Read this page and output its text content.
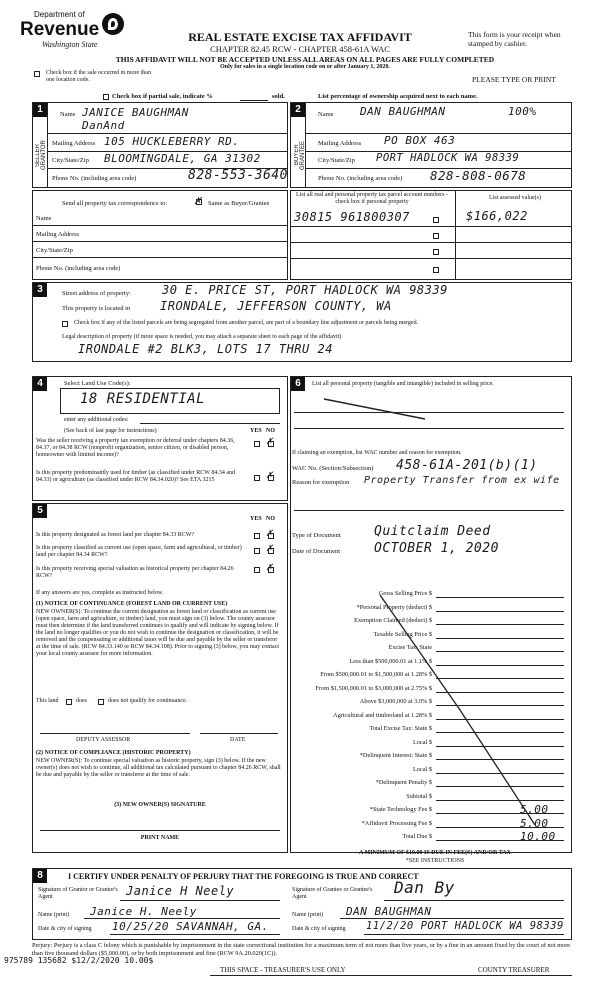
Department of
Revenue
Washington State
REAL ESTATE EXCISE TAX AFFIDAVIT
CHAPTER 82.45 RCW - CHAPTER 458-61A WAC
THIS AFFIDAVIT WILL NOT BE ACCEPTED UNLESS ALL AREAS ON ALL PAGES ARE FULLY COMPLETED
Only for sales in a single location code on or after January 1, 2020.
This form is your receipt when stamped by cashier.
PLEASE TYPE OR PRINT
Check box if the sale occurred in more than one location code.
Check box if partial sale, indicate %	sold.	List percentage of ownership acquired next to each name.
1	2
SELLER GRANTOR	BUYER GRANTEE
Name JANICE BAUGHMAN
DanAnd
Mailing Address 105 HUCKLEBERRY RD.
City/State/Zip BLOOMINGDALE, GA 31302
Phone No. (including area code)	828-553-3640
Name DAN BAUGHMAN	100%
Mailing Address PO BOX 463
City/State/Zip PORT HADLOCK WA 98339
Phone No. (including area code) 828-808-0678
Send all property tax correspondence to: ✗ Same as Buyer/Grantee
Name
Mailing Address
City/State/Zip
Phone No. (including area code)
List all real and personal property tax parcel account numbers - check box if personal property
List assessed value(s)
30815 961800307	$166,022
3	Street address of property:	30 E. PRICE ST, PORT HADLOCK WA 98339
This property is located in IRONDALE, JEFFERSON COUNTY, WA
Check box if any of the listed parcels are being segregated from another parcel, are part of a boundary line adjustment or parcels being merged.
Legal description of property (if more space is needed, you may attach a separate sheet to each page of the affidavit)
IRONDALE #2 BLK3, LOTS 17 THRU 24
4	Select Land Use Code(s):
18 RESIDENTIAL
enter any additional codes:
(See back of last page for instructions)	YES NO
Was the seller receiving a property tax exemption or deferral under chapters 84.36, 84.37, or 84.38 RCW (nonprofit organization, senior citizen, or disabled person, homeowner with limited income)?
✗
Is this property predominantly used for timber (as classified under RCW 84.34 and 84.33) or agriculture (as classified under RCW 84.34.020)? See ETA 3215	✗
5
YES NO
Is this property designated as forest land per chapter 84.33 RCW?	✗
Is this property classified as current use (open space, farm and agricultural, or timber) land per chapter 84.34 RCW?
✗
Is this property receiving special valuation as historical property per chapter 84.26 RCW?
✗
If any answers are yes, complete as instructed below.
(1) NOTICE OF CONTINUANCE (FOREST LAND OR CURRENT USE)
NEW OWNER(S): To continue the current designation as forest land or classification as current use (open space, farm and agriculture, or timber) land, you must sign on (3) below. The county assessor must then determine if the land transferred continues to qualify and will indicate by signing below. If the land no longer qualifies or you do not wish to continue the designation or classification, it will be removed and the compensating or additional taxes will be due and payable by the seller or transferor at the time of sale. (RCW 84.33.140 or RCW 84.34.108). Prior to signing (3) below, you may contact your local county assessor for more information.
This land	does	does not qualify for continuance.
DEPUTY ASSESSOR	DATE
(2) NOTICE OF COMPLIANCE (HISTORIC PROPERTY)
NEW OWNER(S): To continue special valuation as historic property, sign (3) below. If the new owner(s) does not wish to continue, all additional tax calculated pursuant to chapter 84.26 RCW, shall be due and payable by the seller or transferor at the time of sale.
(3) NEW OWNER(S) SIGNATURE
PRINT NAME
6	List all personal property (tangible and intangible) included in selling price.
If claiming an exemption, list WAC number and reason for exemption.
WAC No. (Section/Subsection) 458-61A-201(b)(1)
Reason for exemption Property Transfer from ex wife
Type of Document	Quitclaim Deed
Date of Document	OCTOBER 1, 2020
Gross Selling Price $
*Personal Property (deduct) $
Exemption Claimed (deduct) $
Taxable Selling Price $
Excise Tax: State
Less than $500,000.01 at 1.1% $
From $500,000.01 to $1,500,000 at 1.28% $
From $1,500,000.01 to $3,000,000 at 2.75% $
Above $3,000,000 at 3.0% $
Agricultural and timberland at 1.28% $
Total Excise Tax: State $
Local $
*Delinquent Interest: State $
Local $
*Delinquent Penalty $
Subtotal $
*State Technology Fee $	5.00
*Affidavit Processing Fee $	5.00
Total Due $	10.00
A MINIMUM OF $10.00 IS DUE IN FEE(S) AND/OR TAX
*SEE INSTRUCTIONS
8	I CERTIFY UNDER PENALTY OF PERJURY THAT THE FOREGOING IS TRUE AND CORRECT
Signature of Grantor or Grantor's Agent	Janice H Neely
Name (print) Janice H. Neely
Date & city of signing 10/25/20 SAVANNAH, GA.
Signature of Grantee or Grantee's Agent	Dan By
Name (print) DAN BAUGHMAN
Date & city of signing 11/2/20 PORT HADLOCK WA 98339
Perjury: Perjury is a class C felony which is punishable by imprisonment in the state correctional institution for a maximum term of not more than five years, or by a fine in an amount fixed by the court of not more than five thousand dollars ($5,000.00), or by both imprisonment and fine (RCW 9A.20.020(1C)).
975789 135682 $12/2/2020 10.00$
THIS SPACE - TREASURER'S USE ONLY	COUNTY TREASURER
